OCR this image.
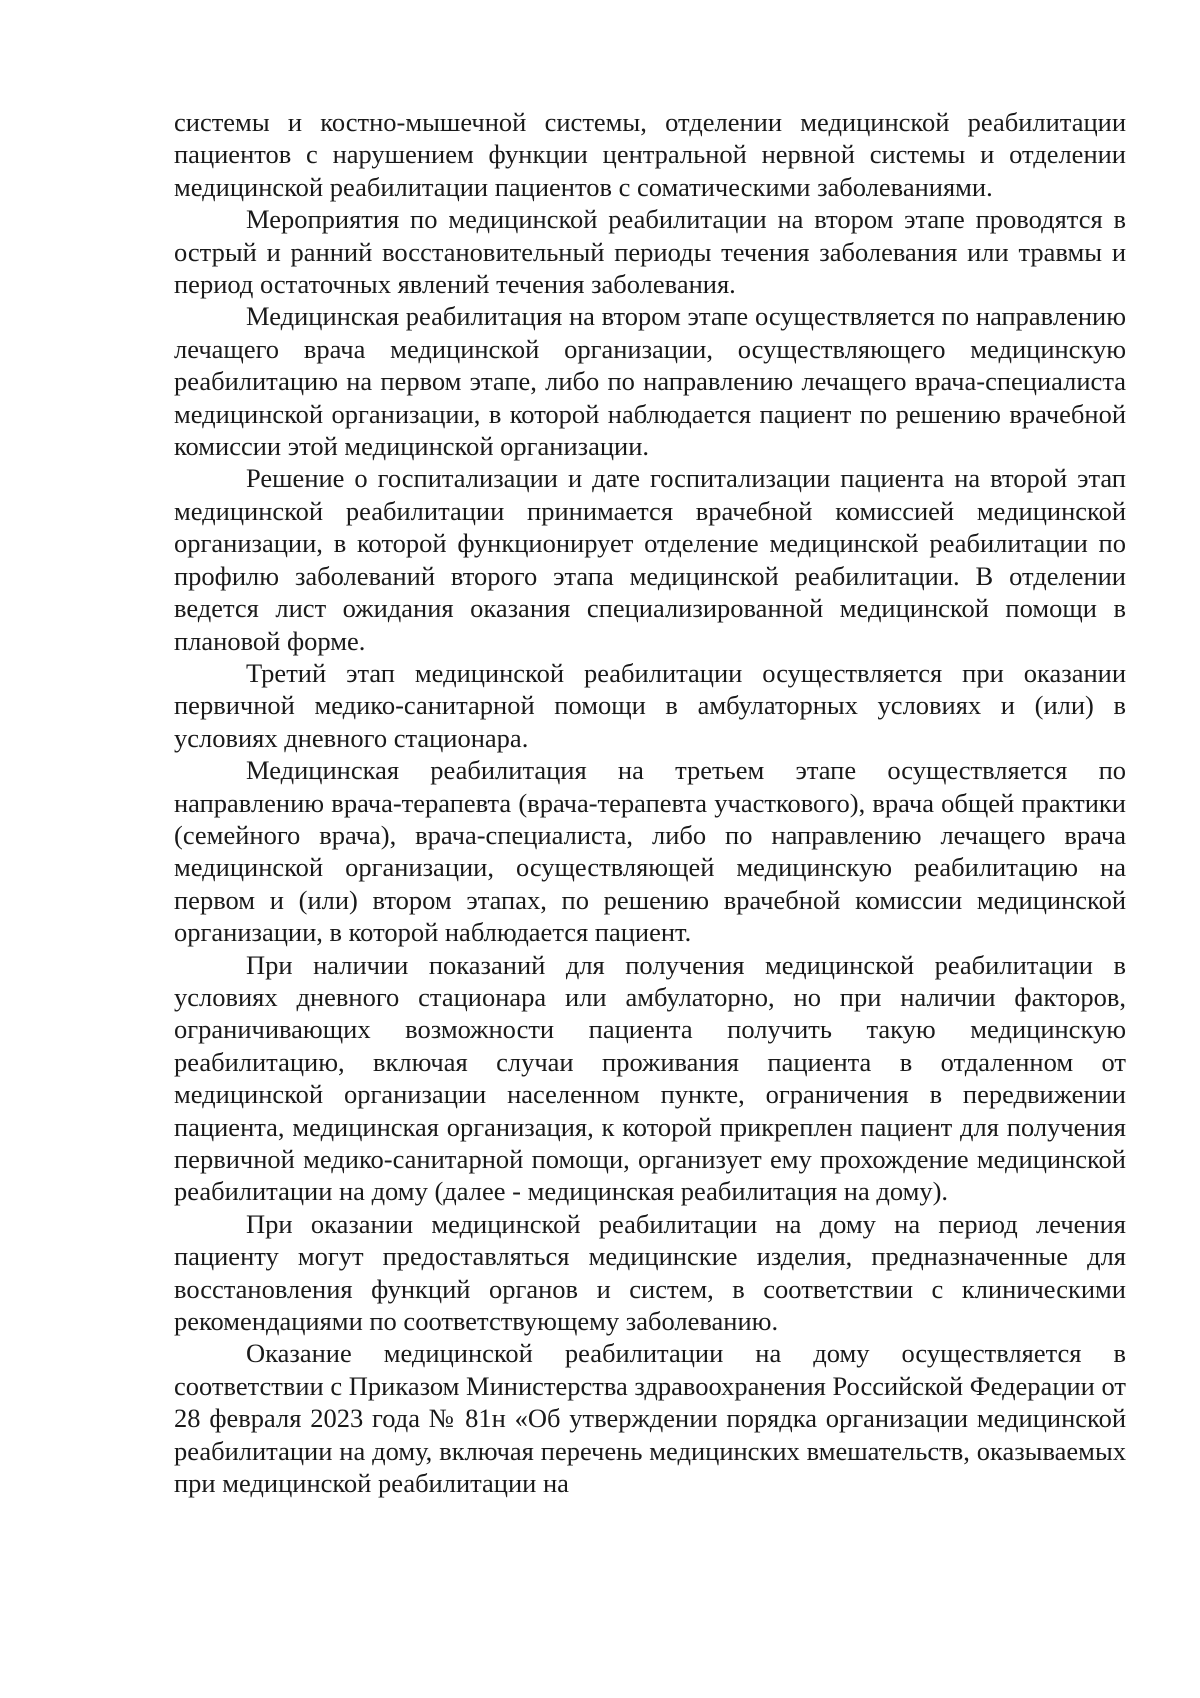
системы и костно-мышечной системы, отделении медицинской реабилитации пациентов с нарушением функции центральной нервной системы и отделении медицинской реабилитации пациентов с соматическими заболеваниями.

Мероприятия по медицинской реабилитации на втором этапе проводятся в острый и ранний восстановительный периоды течения заболевания или травмы и период остаточных явлений течения заболевания.

Медицинская реабилитация на втором этапе осуществляется по направлению лечащего врача медицинской организации, осуществляющего медицинскую реабилитацию на первом этапе, либо по направлению лечащего врача-специалиста медицинской организации, в которой наблюдается пациент по решению врачебной комиссии этой медицинской организации.

Решение о госпитализации и дате госпитализации пациента на второй этап медицинской реабилитации принимается врачебной комиссией медицинской организации, в которой функционирует отделение медицинской реабилитации по профилю заболеваний второго этапа медицинской реабилитации. В отделении ведется лист ожидания оказания специализированной медицинской помощи в плановой форме.

Третий этап медицинской реабилитации осуществляется при оказании первичной медико-санитарной помощи в амбулаторных условиях и (или) в условиях дневного стационара.

Медицинская реабилитация на третьем этапе осуществляется по направлению врача-терапевта (врача-терапевта участкового), врача общей практики (семейного врача), врача-специалиста, либо по направлению лечащего врача медицинской организации, осуществляющей медицинскую реабилитацию на первом и (или) втором этапах, по решению врачебной комиссии медицинской организации, в которой наблюдается пациент.

При наличии показаний для получения медицинской реабилитации в условиях дневного стационара или амбулаторно, но при наличии факторов, ограничивающих возможности пациента получить такую медицинскую реабилитацию, включая случаи проживания пациента в отдаленном от медицинской организации населенном пункте, ограничения в передвижении пациента, медицинская организация, к которой прикреплен пациент для получения первичной медико-санитарной помощи, организует ему прохождение медицинской реабилитации на дому (далее - медицинская реабилитация на дому).

При оказании медицинской реабилитации на дому на период лечения пациенту могут предоставляться медицинские изделия, предназначенные для восстановления функций органов и систем, в соответствии с клиническими рекомендациями по соответствующему заболеванию.

Оказание медицинской реабилитации на дому осуществляется в соответствии с Приказом Министерства здравоохранения Российской Федерации от 28 февраля 2023 года № 81н «Об утверждении порядка организации медицинской реабилитации на дому, включая перечень медицинских вмешательств, оказываемых при медицинской реабилитации на
